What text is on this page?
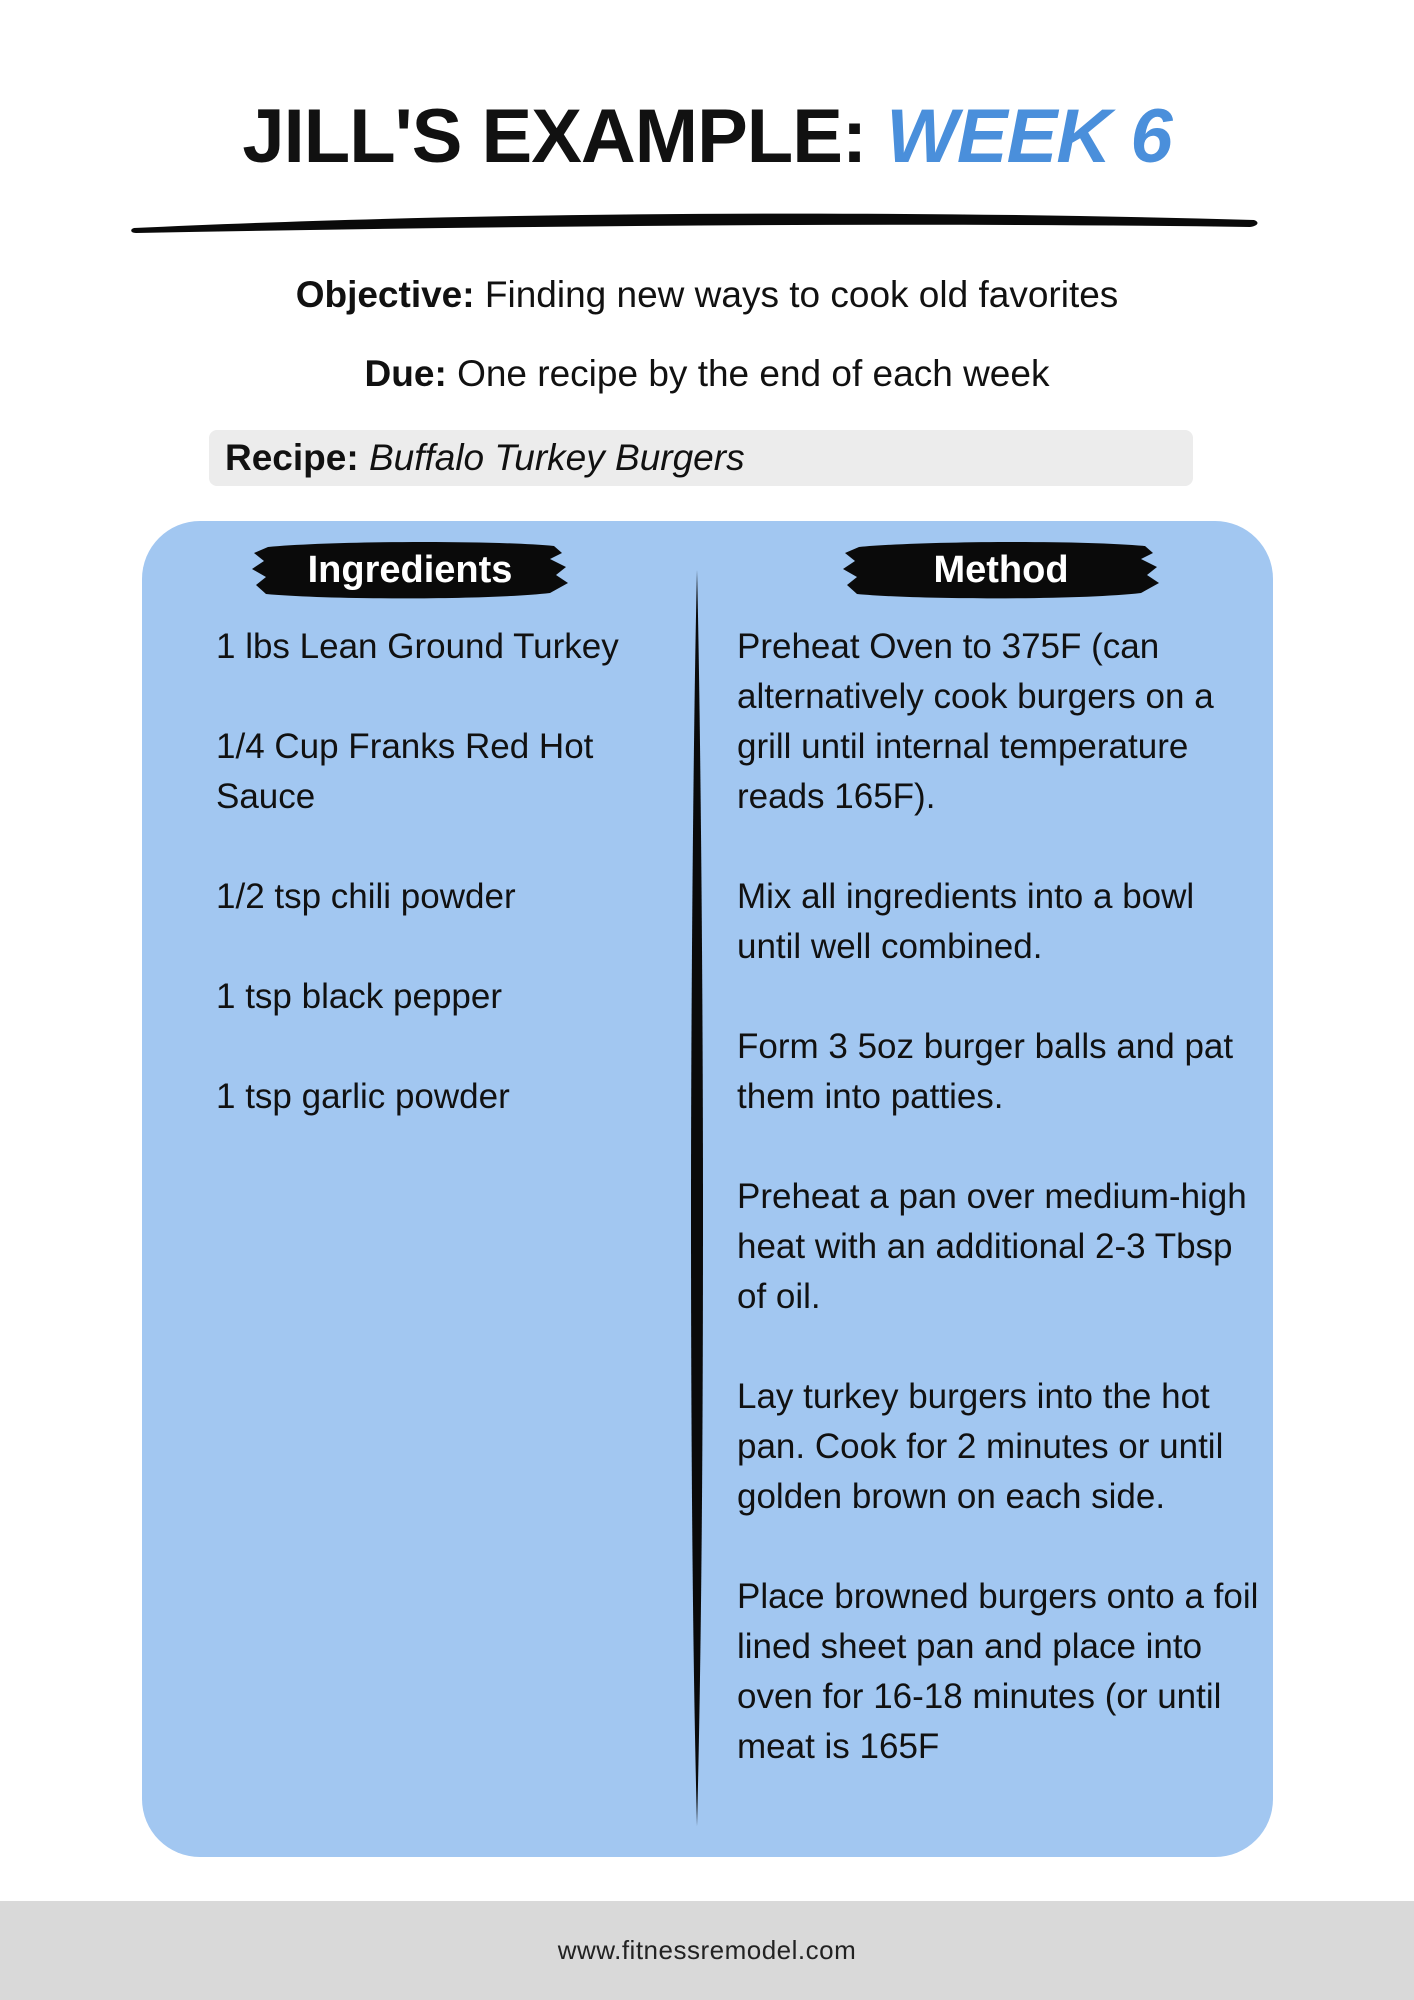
JILL'S EXAMPLE: WEEK 6
Objective: Finding new ways to cook old favorites
Due: One recipe by the end of each week
Recipe: Buffalo Turkey Burgers
Ingredients	Method
1 lbs Lean Ground Turkey
1/4 Cup Franks Red Hot Sauce
1/2 tsp chili powder
1 tsp black pepper
1 tsp garlic powder
Preheat Oven to 375F (can alternatively cook burgers on a grill until internal temperature reads 165F).
Mix all ingredients into a bowl until well combined.
Form 3 5oz burger balls and pat them into patties.
Preheat a pan over medium-high heat with an additional 2-3 Tbsp of oil.
Lay turkey burgers into the hot pan. Cook for 2 minutes or until golden brown on each side.
Place browned burgers onto a foil lined sheet pan and place into oven for 16-18 minutes (or until meat is 165F
www.fitnessremodel.com
